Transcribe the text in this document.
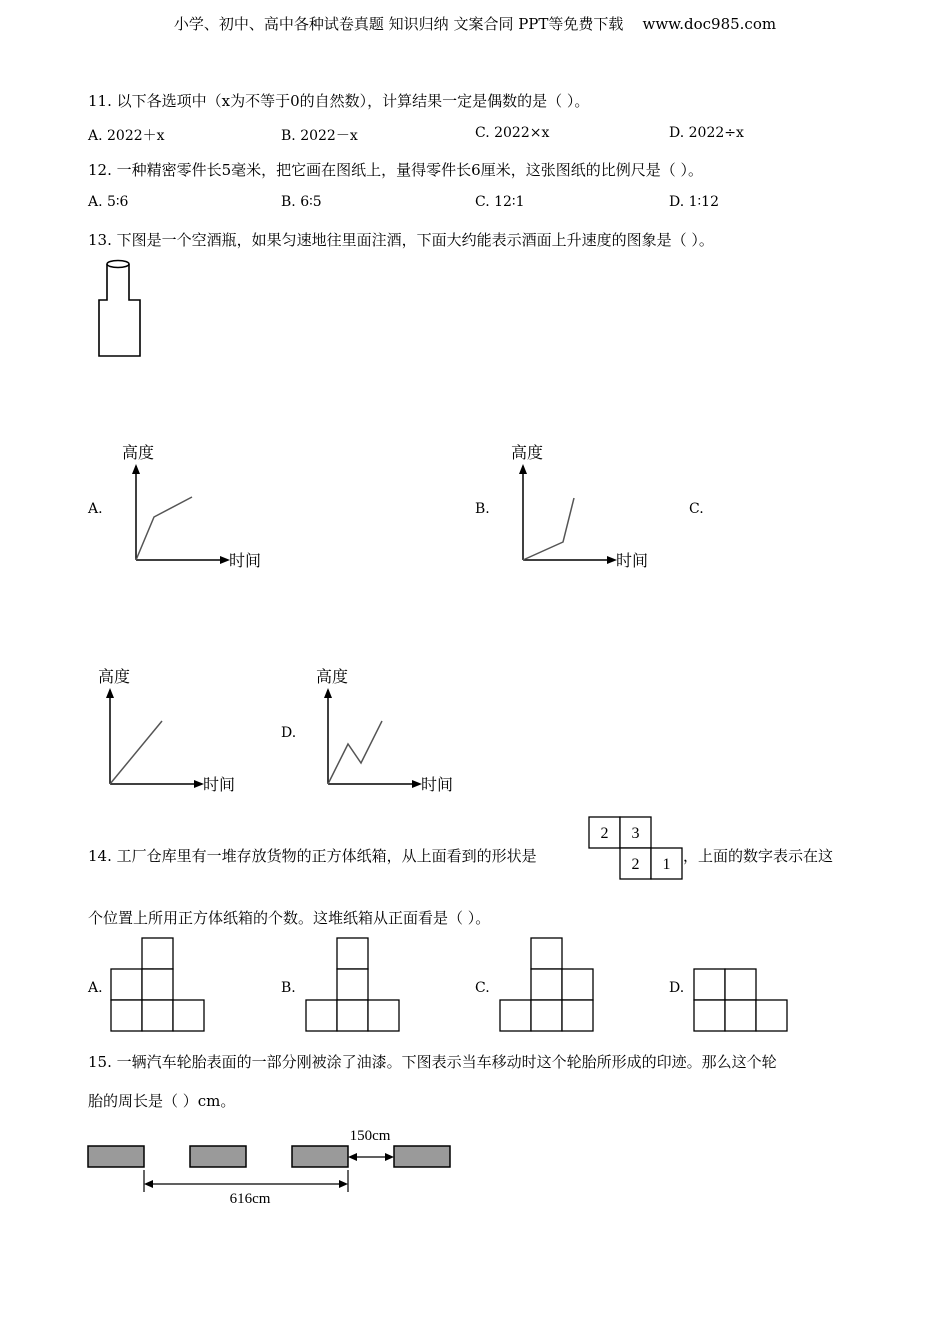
小学、初中、高中各种试卷真题 知识归纳 文案合同 PPT等免费下载 www.doc985.com
11. 以下各选项中（x为不等于0的自然数），计算结果一定是偶数的是（ ）。
A. 2022＋x	B. 2022－x	C. 2022×x	D. 2022÷x
12. 一种精密零件长5毫米，把它画在图纸上，量得零件长6厘米，这张图纸的比例尺是（ ）。
A. 5∶6	B. 6∶5	C. 12∶1	D. 1∶12
13. 下图是一个空酒瓶，如果匀速地往里面注酒，下面大约能表示酒面上升速度的图象是（ ）。
A.	B.	C.
D.
高度
时间
高度
时间
高度
时间
高度
时间
14. 工厂仓库里有一堆存放货物的正方体纸箱，从上面看到的形状是
2 3
2 1 ，上面的数字表示在这
个位置上所用正方体纸箱的个数。这堆纸箱从正面看是（ ）。
A.	B.	C.	D.
15. 一辆汽车轮胎表面的一部分刚被涂了油漆。下图表示当车移动时这个轮胎所形成的印迹。那么这个轮
胎的周长是（ ）cm。
150cm
616cm
